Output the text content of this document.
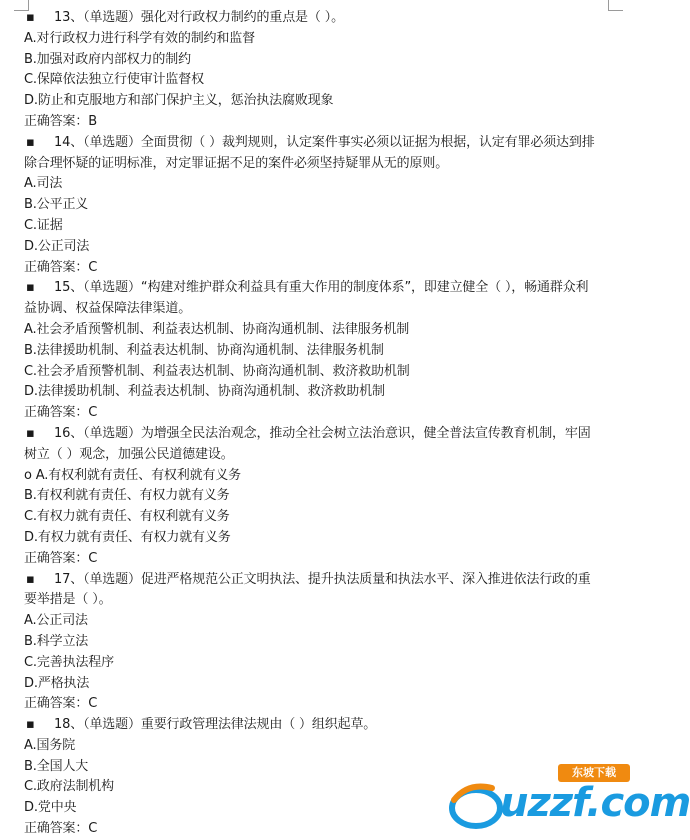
▪ 13、（单选题）强化对行政权力制约的重点是（ ）。
A.对行政权力进行科学有效的制约和监督
B.加强对政府内部权力的制约
C.保障依法独立行使审计监督权
D.防止和克服地方和部门保护主义，惩治执法腐败现象
正确答案：B
▪ 14、（单选题）全面贯彻（ ）裁判规则，认定案件事实必须以证据为根据，认定有罪必须达到排除合理怀疑的证明标准，对定罪证据不足的案件必须坚持疑罪从无的原则。
A.司法
B.公平正义
C.证据
D.公正司法
正确答案：C
▪ 15、（单选题）“构建对维护群众利益具有重大作用的制度体系”，即建立健全（ ），畅通群众利益协调、权益保障法律渠道。
A.社会矛盾预警机制、利益表达机制、协商沟通机制、法律服务机制
B.法律援助机制、利益表达机制、协商沟通机制、法律服务机制
C.社会矛盾预警机制、利益表达机制、协商沟通机制、救济救助机制
D.法律援助机制、利益表达机制、协商沟通机制、救济救助机制
正确答案：C
▪ 16、（单选题）为增强全民法治观念，推动全社会树立法治意识，健全普法宣传教育机制，牢固树立（ ）观念，加强公民道德建设。
o A.有权利就有责任、有权利就有义务
B.有权利就有责任、有权力就有义务
C.有权力就有责任、有权利就有义务
D.有权力就有责任、有权力就有义务
正确答案：C
▪ 17、（单选题）促进严格规范公正文明执法、提升执法质量和执法水平、深入推进依法行政的重要举措是（ ）。
A.公正司法
B.科学立法
C.完善执法程序
D.严格执法
正确答案：C
▪ 18、（单选题）重要行政管理法律法规由（ ）组织起草。
A.国务院
B.全国人大
C.政府法制机构
D.党中央
正确答案：C
东坡下载
uzzf.com
